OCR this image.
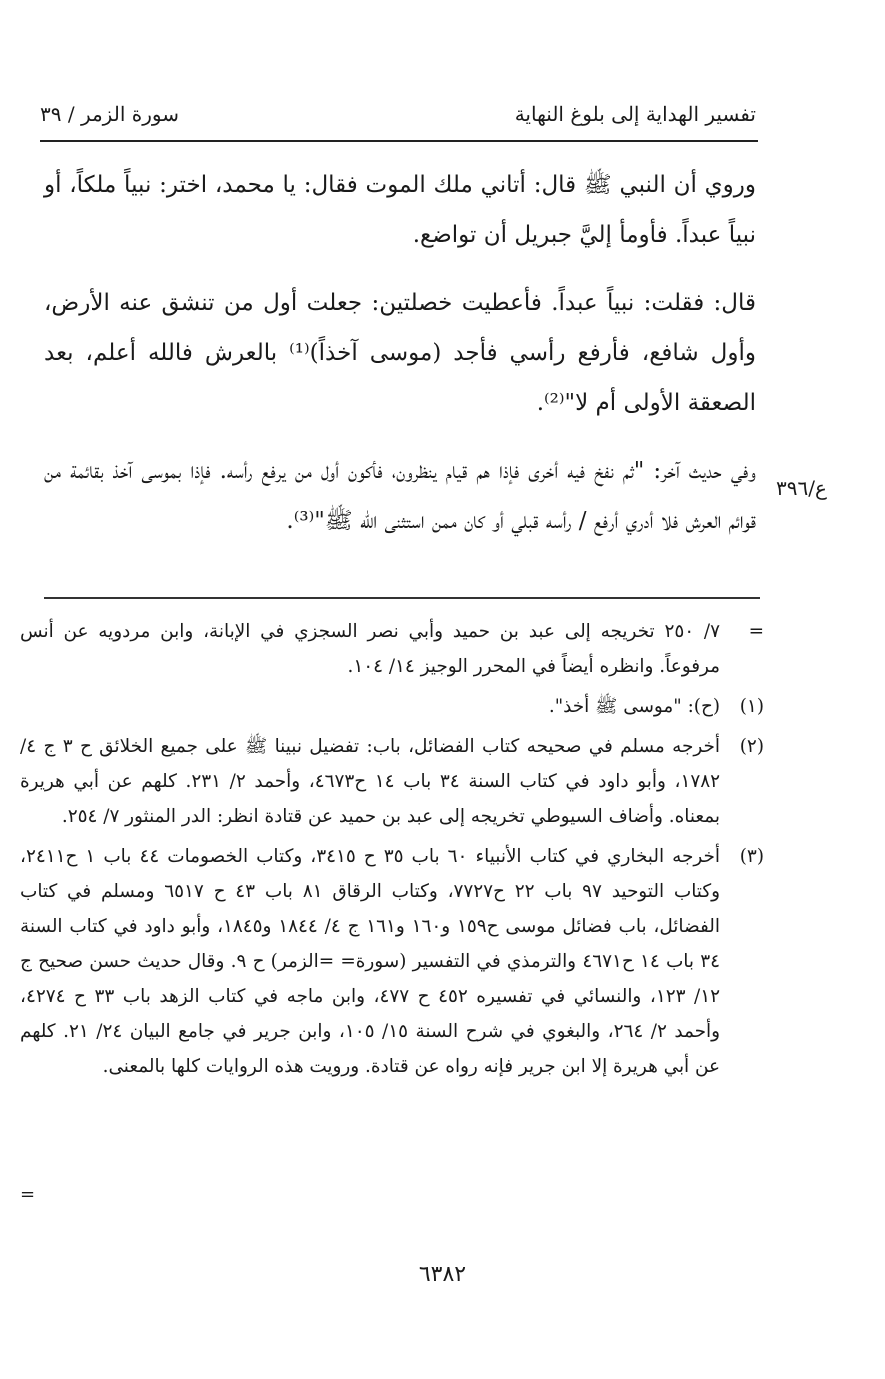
تفسير الهداية إلى بلوغ النهاية
سورة الزمر / ٣٩

وروي أن النبي ﷺ قال: أتاني ملك الموت فقال: يا محمد، اختر: نبياً ملكاً، أو نبياً عبداً. فأومأ إليَّ جبريل أن تواضع.

قال: فقلت: نبياً عبداً. فأعطيت خصلتين: جعلت أول من تنشق عنه الأرض، وأول شافع، فأرفع رأسي فأجد (موسى آخذاً)⁽¹⁾ بالعرش فالله أعلم، بعد الصعقة الأولى أم لا"⁽²⁾.

وفي حديث آخر: "ثم نفخ فيه أخرى فإذا هم قيام ينظرون، فأكون أول من يرفع رأسه. فإذا بموسى آخذ بقائمة من قوائم العرش فلا أدري أرفع / رأسه قبلي أو كان ممن استثنى الله ﷺ"⁽³⁾.

ع/٣٩٦
=
٧/ ٢٥٠ تخريجه إلى عبد بن حميد وأبي نصر السجزي في الإبانة، وابن مردويه عن أنس مرفوعاً. وانظره أيضاً في المحرر الوجيز ١٤/ ١٠٤.
(١)
(ح): "موسى ﷺ أخذ".
(٢)
أخرجه مسلم في صحيحه كتاب الفضائل، باب: تفضيل نبينا ﷺ على جميع الخلائق ح ٣ ج ٤/ ١٧٨٢، وأبو داود في كتاب السنة ٣٤ باب ١٤ ح٤٦٧٣، وأحمد ٢/ ٢٣١. كلهم عن أبي هريرة بمعناه. وأضاف السيوطي تخريجه إلى عبد بن حميد عن قتادة انظر: الدر المنثور ٧/ ٢٥٤.
(٣)
أخرجه البخاري في كتاب الأنبياء ٦٠ باب ٣٥ ح ٣٤١٥، وكتاب الخصومات ٤٤ باب ١ ح٢٤١١، وكتاب التوحيد ٩٧ باب ٢٢ ح٧٧٢٧، وكتاب الرقاق ٨١ باب ٤٣ ح ٦٥١٧ ومسلم في كتاب الفضائل، باب فضائل موسى ح١٥٩ و١٦٠ و١٦١ ج ٤/ ١٨٤٤ و١٨٤٥، وأبو داود في كتاب السنة ٣٤ باب ١٤ ح٤٦٧١ والترمذي في التفسير (سورة= =الزمر) ح ٩. وقال حديث حسن صحيح ج ١٢/ ١٢٣، والنسائي في تفسيره ٤٥٢ ح ٤٧٧، وابن ماجه في كتاب الزهد باب ٣٣ ح ٤٢٧٤، وأحمد ٢/ ٢٦٤، والبغوي في شرح السنة ١٥/ ١٠٥، وابن جرير في جامع البيان ٢٤/ ٢١. كلهم عن أبي هريرة إلا ابن جرير فإنه رواه عن قتادة. ورويت هذه الروايات كلها بالمعنى.
=
٦٣٨٢
